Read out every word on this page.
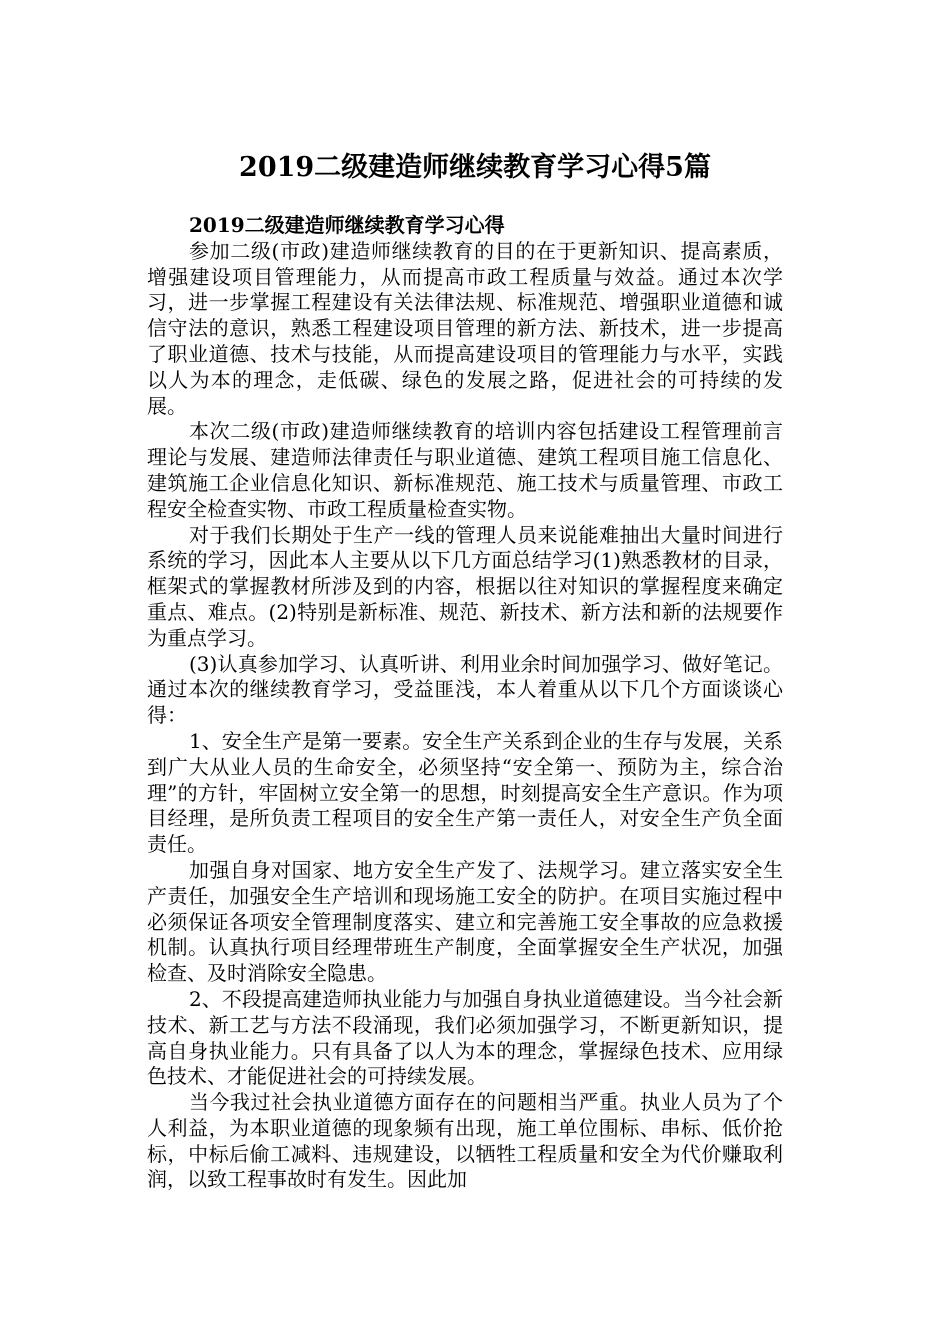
2019二级建造师继续教育学习心得5篇

2019二级建造师继续教育学习心得

参加二级(市政)建造师继续教育的目的在于更新知识、提高素质，增强建设项目管理能力，从而提高市政工程质量与效益。通过本次学习，进一步掌握工程建设有关法律法规、标准规范、增强职业道德和诚信守法的意识，熟悉工程建设项目管理的新方法、新技术，进一步提高了职业道德、技术与技能，从而提高建设项目的管理能力与水平，实践以人为本的理念，走低碳、绿色的发展之路，促进社会的可持续的发展。

本次二级(市政)建造师继续教育的培训内容包括建设工程管理前言理论与发展、建造师法律责任与职业道德、建筑工程项目施工信息化、建筑施工企业信息化知识、新标准规范、施工技术与质量管理、市政工程安全检查实物、市政工程质量检查实物。

对于我们长期处于生产一线的管理人员来说能难抽出大量时间进行系统的学习，因此本人主要从以下几方面总结学习(1)熟悉教材的目录，框架式的掌握教材所涉及到的内容，根据以往对知识的掌握程度来确定重点、难点。(2)特别是新标准、规范、新技术、新方法和新的法规要作为重点学习。

(3)认真参加学习、认真听讲、利用业余时间加强学习、做好笔记。 通过本次的继续教育学习，受益匪浅，本人着重从以下几个方面谈谈心得：

1、安全生产是第一要素。安全生产关系到企业的生存与发展，关系到广大从业人员的生命安全，必须坚持“安全第一、预防为主，综合治理”的方针，牢固树立安全第一的思想，时刻提高安全生产意识。作为项目经理，是所负责工程项目的安全生产第一责任人，对安全生产负全面责任。

加强自身对国家、地方安全生产发了、法规学习。建立落实安全生产责任，加强安全生产培训和现场施工安全的防护。在项目实施过程中必须保证各项安全管理制度落实、建立和完善施工安全事故的应急救援机制。认真执行项目经理带班生产制度，全面掌握安全生产状况，加强检查、及时消除安全隐患。

2、不段提高建造师执业能力与加强自身执业道德建设。当今社会新技术、新工艺与方法不段涌现，我们必须加强学习，不断更新知识，提高自身执业能力。只有具备了以人为本的理念，掌握绿色技术、应用绿色技术、才能促进社会的可持续发展。

当今我过社会执业道德方面存在的问题相当严重。执业人员为了个人利益，为本职业道德的现象频有出现，施工单位围标、串标、低价抢标，中标后偷工减料、违规建设，以牺牲工程质量和安全为代价赚取利润，以致工程事故时有发生。因此加
